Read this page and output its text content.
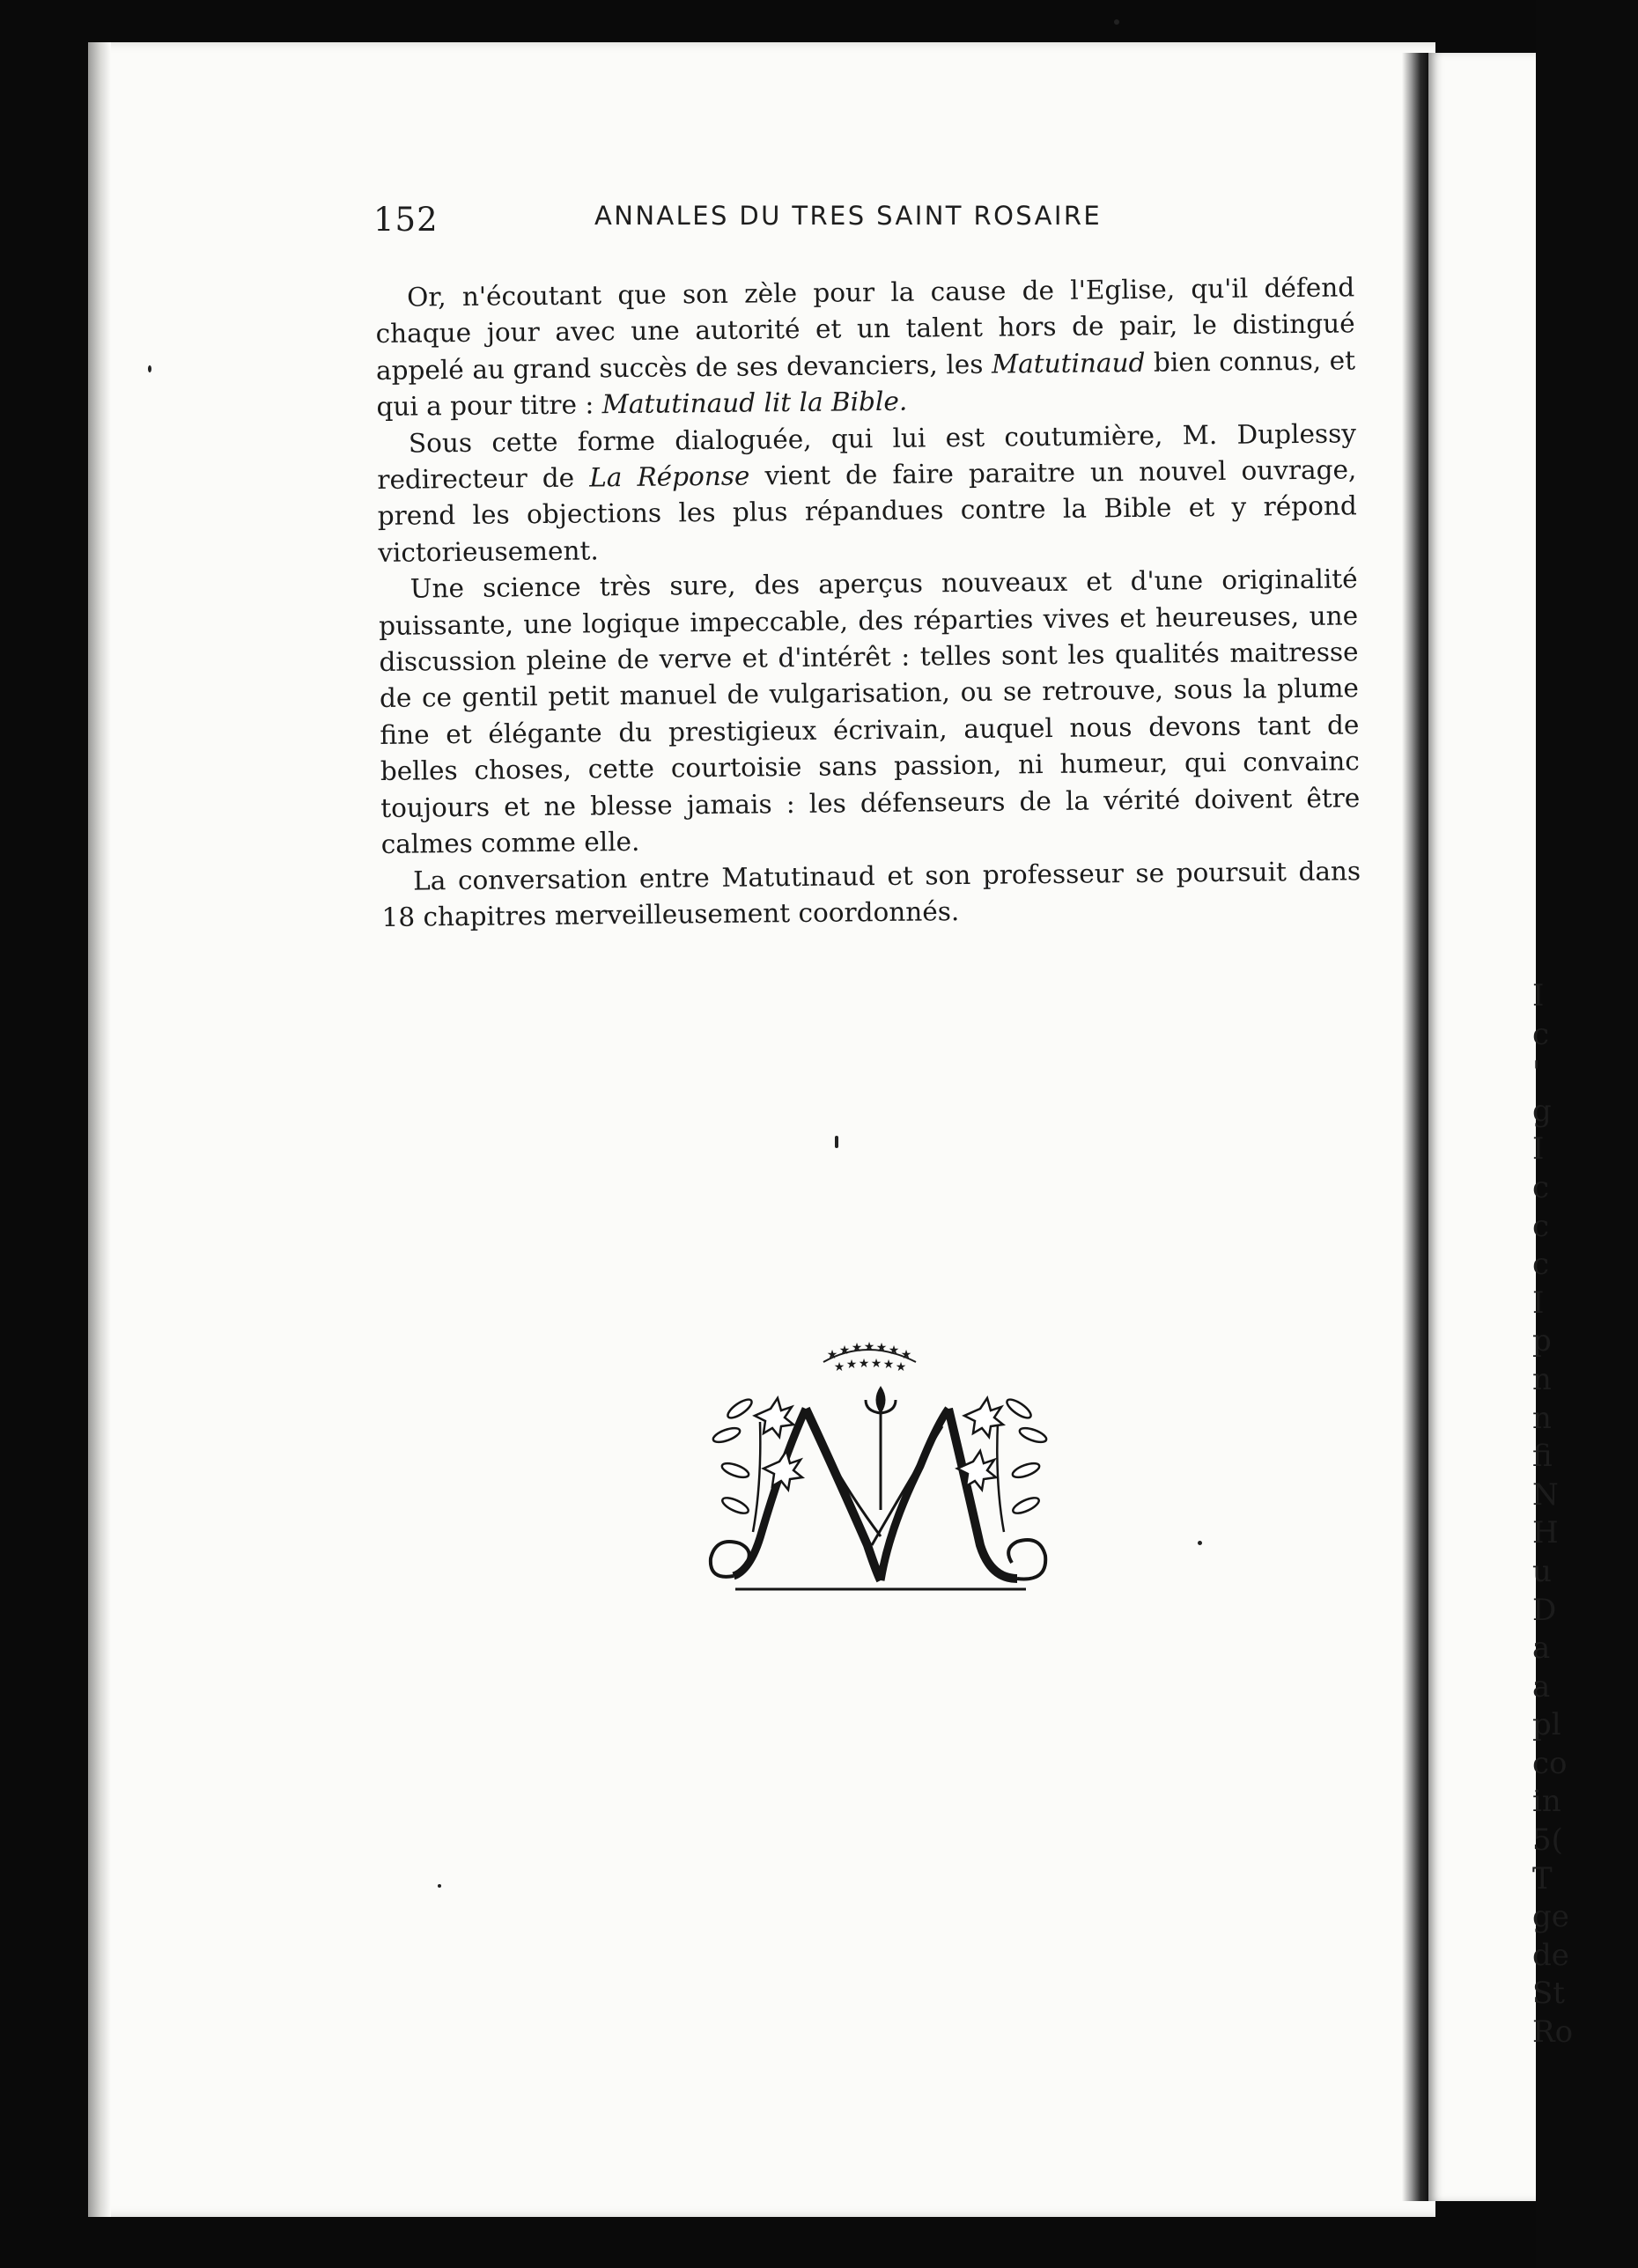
I
c
'
g
I
c
c
c
I
p
n
n
fi
N
H
u
D
a
a
pl
co
in
5(
T
ge
de
St
Ro
152	ANNALES DU TRES SAINT ROSAIRE

Or, n'écoutant que son zèle pour la cause de l'Eglise, qu'il défend chaque jour avec une autorité et un talent hors de pair, le distingué appelé au grand succès de ses devanciers, les Matutinaud bien connus, et qui a pour titre : Matutinaud lit la Bible.

Sous cette forme dialoguée, qui lui est coutumière, M. Duplessy redirecteur de La Réponse vient de faire paraitre un nouvel ouvrage, prend les objections les plus répandues contre la Bible et y répond victorieusement.

Une science très sure, des aperçus nouveaux et d'une originalité puissante, une logique impeccable, des réparties vives et heureuses, une discussion pleine de verve et d'intérêt : telles sont les qualités maitresse de ce gentil petit manuel de vulgarisation, ou se retrouve, sous la plume fine et élégante du prestigieux écrivain, auquel nous devons tant de belles choses, cette courtoisie sans passion, ni humeur, qui convainc toujours et ne blesse jamais : les défenseurs de la vérité doivent être calmes comme elle.

La conversation entre Matutinaud et son professeur se poursuit dans 18 chapitres merveilleusement coordonnés.

★ ★ ★ ★ ★ ★ ★
★ ★ ★ ★ ★ ★
